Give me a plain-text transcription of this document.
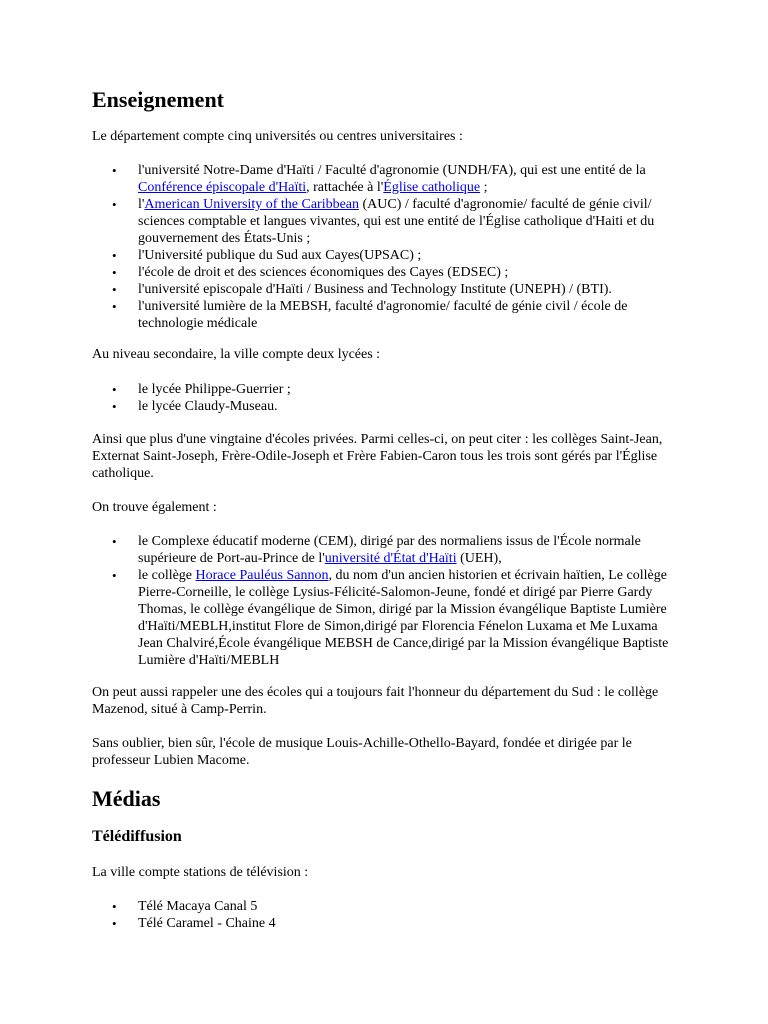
Enseignement

Le département compte cinq universités ou centres universitaires :

• l'université Notre-Dame d'Haïti / Faculté d'agronomie (UNDH/FA), qui est une entité de la Conférence épiscopale d'Haïti, rattachée à l'Église catholique ;
• l'American University of the Caribbean (AUC) / faculté d'agronomie/ faculté de génie civil/ sciences comptable et langues vivantes, qui est une entité de l'Église catholique d'Haiti et du gouvernement des États-Unis ;
• l'Université publique du Sud aux Cayes(UPSAC) ;
• l'école de droit et des sciences économiques des Cayes (EDSEC) ;
• l'université episcopale d'Haïti / Business and Technology Institute (UNEPH) / (BTI).
• l'université lumière de la MEBSH, faculté d'agronomie/ faculté de génie civil / école de technologie médicale

Au niveau secondaire, la ville compte deux lycées :

• le lycée Philippe-Guerrier ;
• le lycée Claudy-Museau.

Ainsi que plus d'une vingtaine d'écoles privées. Parmi celles-ci, on peut citer : les collèges Saint-Jean, Externat Saint-Joseph, Frère-Odile-Joseph et Frère Fabien-Caron tous les trois sont gérés par l'Église catholique.

On trouve également :

• le Complexe éducatif moderne (CEM), dirigé par des normaliens issus de l'École normale supérieure de Port-au-Prince de l'université d'État d'Haïti (UEH),
• le collège Horace Pauléus Sannon, du nom d'un ancien historien et écrivain haïtien, Le collège Pierre-Corneille, le collège Lysius-Félicité-Salomon-Jeune, fondé et dirigé par Pierre Gardy Thomas, le collège évangélique de Simon, dirigé par la Mission évangélique Baptiste Lumière d'Haïti/MEBLH,institut Flore de Simon,dirigé par Florencia Fénelon Luxama et Me Luxama Jean Chalviré,École évangélique MEBSH de Cance,dirigé par la Mission évangélique Baptiste Lumière d'Haïti/MEBLH

On peut aussi rappeler une des écoles qui a toujours fait l'honneur du département du Sud : le collège Mazenod, situé à Camp-Perrin.

Sans oublier, bien sûr, l'école de musique Louis-Achille-Othello-Bayard, fondée et dirigée par le professeur Lubien Macome.

Médias
Télédiffusion

La ville compte stations de télévision :

• Télé Macaya Canal 5
• Télé Caramel - Chaine 4
